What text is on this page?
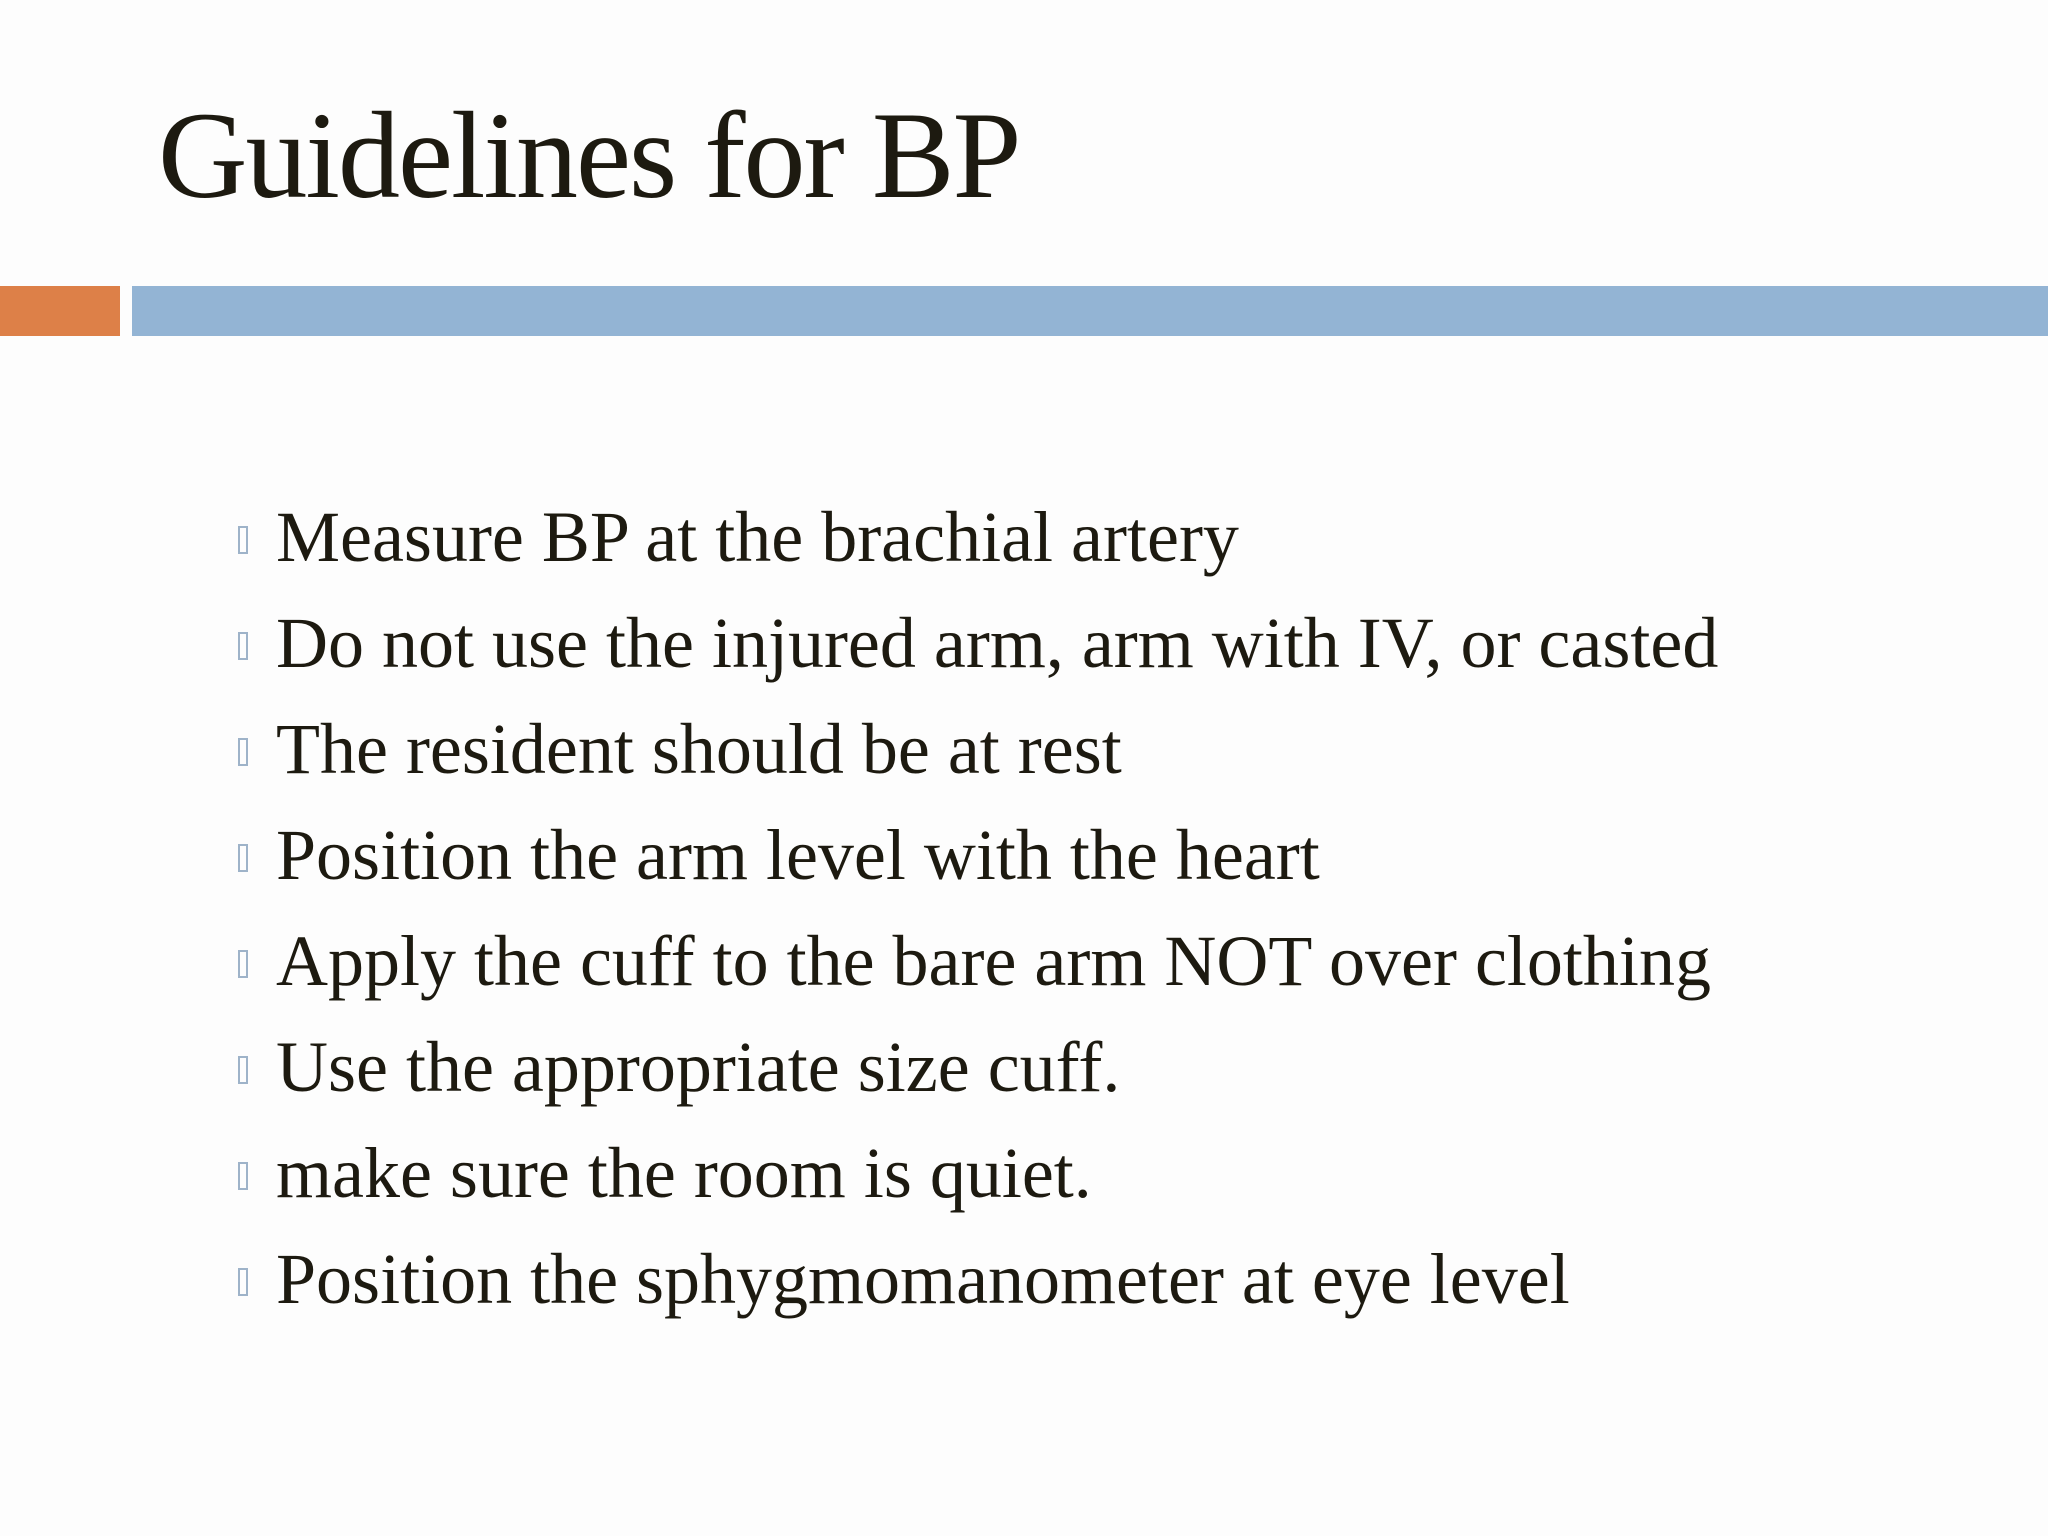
Guidelines for BP
Measure BP at the brachial artery
Do not use the injured arm, arm with IV, or casted
The resident should be at rest
Position the arm level with the heart
Apply the cuff to the bare arm NOT over clothing
Use the appropriate size cuff.
make sure the room is quiet.
Position the sphygmomanometer at eye level
